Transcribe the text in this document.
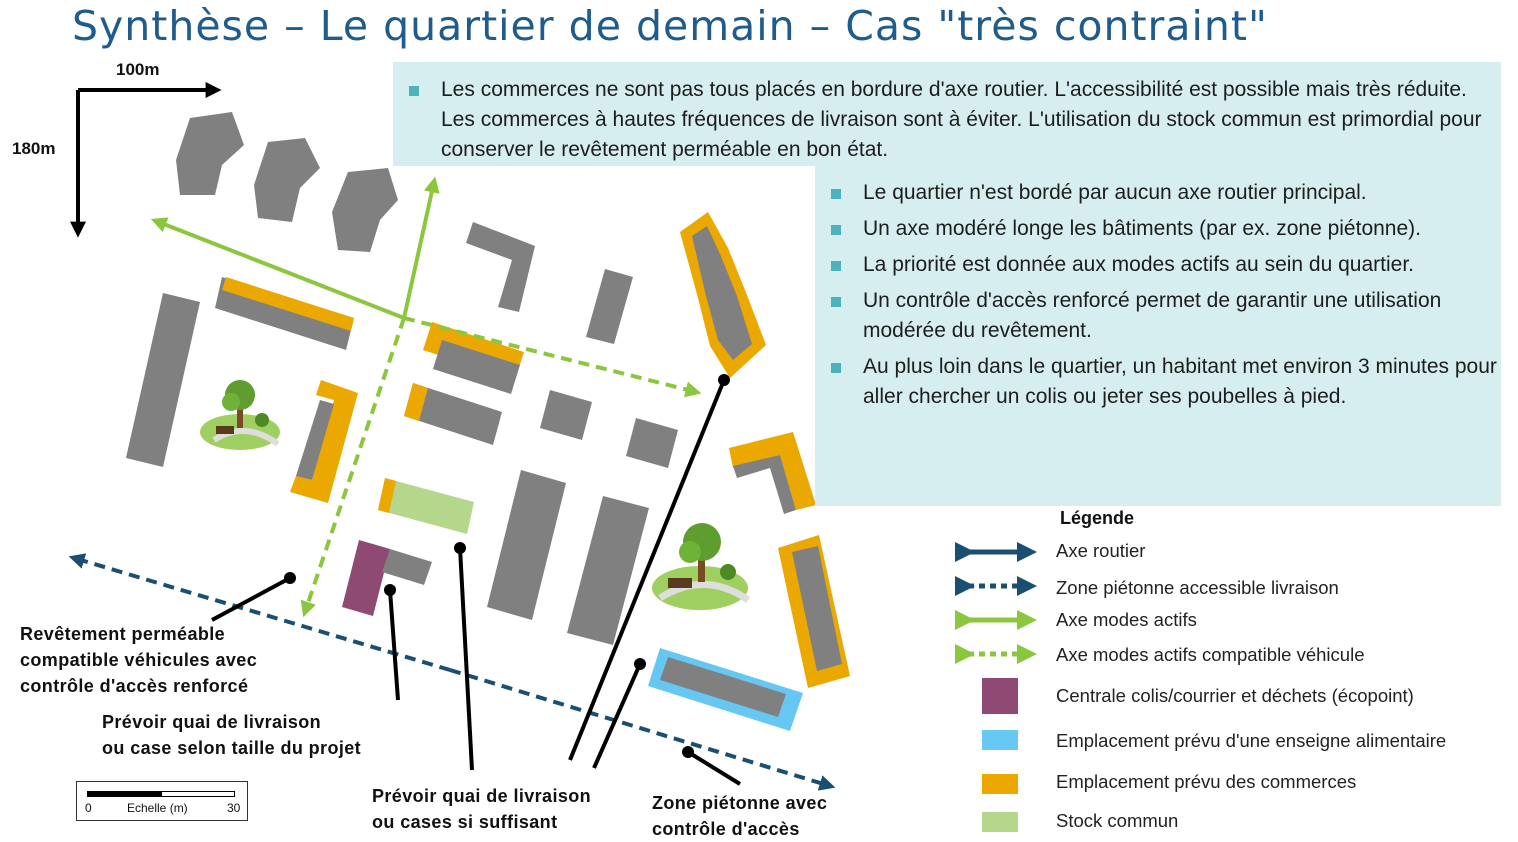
Synthèse – Le quartier de demain – Cas "très contraint"
100m
180m
Les commerces ne sont pas tous placés en bordure d'axe routier. L'accessibilité est possible mais très réduite. Les commerces à hautes fréquences de livraison sont à éviter. L'utilisation du stock commun est primordial pour conserver le revêtement perméable en bon état.
Le quartier n'est bordé par aucun axe routier principal.
Un axe modéré longe les bâtiments (par ex. zone piétonne).
La priorité est donnée aux modes actifs au sein du quartier.
Un contrôle d'accès renforcé permet de garantir une utilisation modérée du revêtement.
Au plus loin dans le quartier, un habitant met environ 3 minutes pour aller chercher un colis ou jeter ses poubelles à pied.
Revêtement perméable
compatible véhicules avec
contrôle d'accès renforcé
Prévoir quai de livraison
ou case selon taille du projet
Prévoir quai de livraison
ou cases si suffisant
Zone piétonne avec
contrôle d'accès
Légende
Axe routier
Zone piétonne accessible livraison
Axe modes actifs
Axe modes actifs compatible véhicule
Centrale colis/courrier et déchets (écopoint)
Emplacement prévu d'une enseigne alimentaire
Emplacement prévu des commerces
Stock commun
0	Echelle (m)	30
